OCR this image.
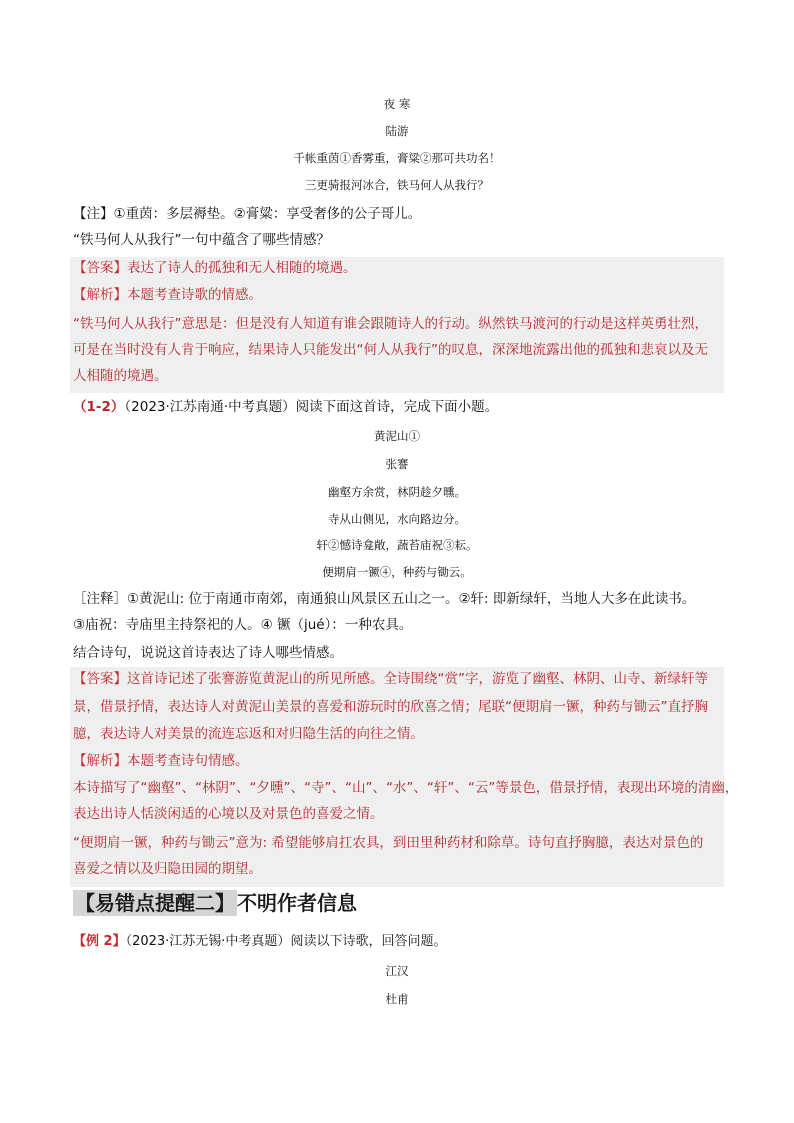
夜 寒
陆游
千帐重茵①香雾重，膏粱②那可共功名！
三更骑报河冰合，铁马何人从我行？
【注】①重茵：多层褥垫。②膏粱：享受奢侈的公子哥儿。
“铁马何人从我行”一句中蕴含了哪些情感？
【答案】表达了诗人的孤独和无人相随的境遇。
【解析】本题考查诗歌的情感。
“铁马何人从我行”意思是：但是没有人知道有谁会跟随诗人的行动。纵然铁马渡河的行动是这样英勇壮烈，
可是在当时没有人肯于响应，结果诗人只能发出“何人从我行”的叹息，深深地流露出他的孤独和悲哀以及无
人相随的境遇。
（1-2）（2023·江苏南通·中考真题）阅读下面这首诗，完成下面小题。
黄泥山①
张謇
幽壑方余赏，林阴趁夕曛。
寺从山侧见，水向路边分。
轩②憾诗龛敞，蔬苔庙祝③耘。
便期肩一镢④，种药与锄云。
［注释］①黄泥山: 位于南通市南郊，南通狼山风景区五山之一。②轩: 即新绿轩，当地人大多在此读书。
③庙祝：寺庙里主持祭祀的人。④ 镢（jué）：一种农具。
结合诗句，说说这首诗表达了诗人哪些情感。
【答案】这首诗记述了张謇游览黄泥山的所见所感。全诗围绕“赏”字，游览了幽壑、林阴、山寺、新绿轩等
景，借景抒情，表达诗人对黄泥山美景的喜爱和游玩时的欣喜之情；尾联“便期肩一镢，种药与锄云”直抒胸
臆，表达诗人对美景的流连忘返和对归隐生活的向往之情。
【解析】本题考查诗句情感。
本诗描写了“幽壑”、“林阴”、“夕曛”、“寺”、“山”、“水”、“轩”、“云”等景色，借景抒情，表现出环境的清幽，
表达出诗人恬淡闲适的心境以及对景色的喜爱之情。
“便期肩一镢，种药与锄云”意为: 希望能够肩扛农具，到田里种药材和除草。诗句直抒胸臆，表达对景色的
喜爱之情以及归隐田园的期望。
【易错点提醒二】 不明作者信息
【例 2】（2023·江苏无锡·中考真题）阅读以下诗歌，回答问题。
江汉
杜甫
